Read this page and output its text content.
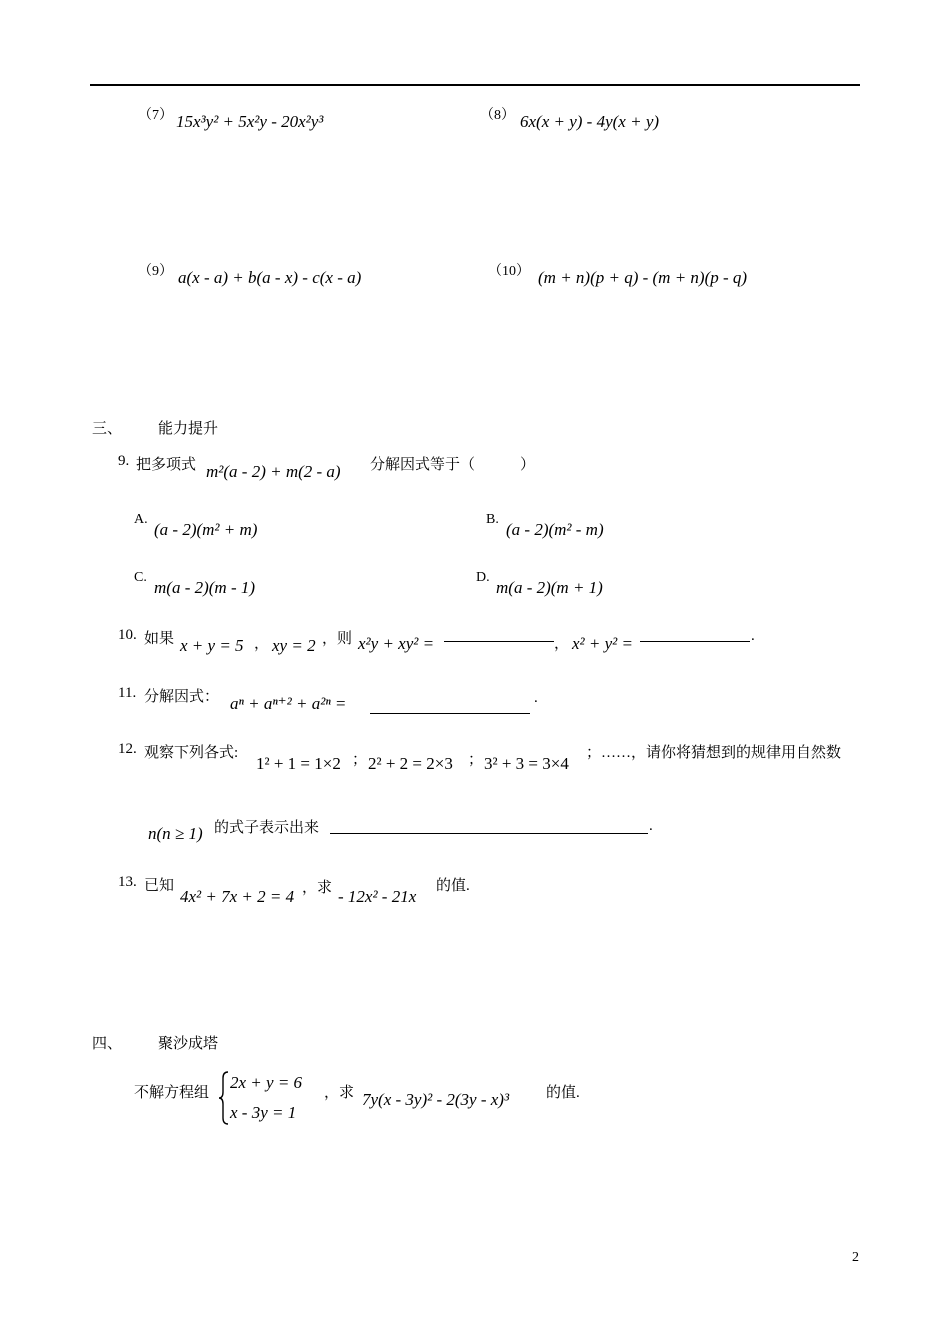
（7） 15x³y² + 5x²y - 20x²y³	（8） 6x(x + y) - 4y(x + y)
（9） a(x - a) + b(a - x) - c(x - a)	（10） (m + n)(p + q) - (m + n)(p - q)
三、 能力提升
9. 把多项式 m²(a - 2) + m(2 - a) 分解因式等于（　　　）
A.
(a - 2)(m² + m)
B.
(a - 2)(m² - m)
C.
m(a - 2)(m - 1)
D.
m(a - 2)(m + 1)
10. 如果 x + y = 5 ， xy = 2 ，则 x²y + xy² =	， x² + y² =	.
11. 分解因式： aⁿ + aⁿ⁺² + a²ⁿ =	.
12. 观察下列各式:
1² + 1 = 1×2 ； 2² + 2 = 2×3 ； 3² + 3 = 3×4
；……，请你将猜想到的规律用自然数
n(n ≥ 1) 的式子表示出来	.
13. 已知
4x² + 7x + 2 = 4 ，求 - 12x² - 21x
的值.
四、 聚沙成塔
不解方程组
2x + y = 6
x - 3y = 1
，求 7y(x - 3y)² - 2(3y - x)³ 的值.
2
